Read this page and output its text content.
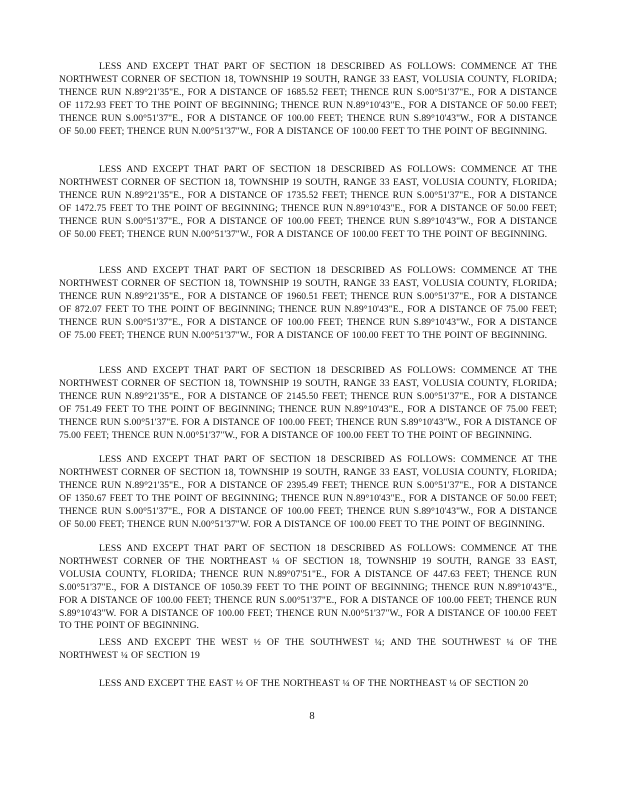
LESS AND EXCEPT THAT PART OF SECTION 18 DESCRIBED AS FOLLOWS: COMMENCE AT THE NORTHWEST CORNER OF SECTION 18, TOWNSHIP 19 SOUTH, RANGE 33 EAST, VOLUSIA COUNTY, FLORIDA; THENCE RUN N.89°21'35"E., FOR A DISTANCE OF 1685.52 FEET; THENCE RUN S.00°51'37"E., FOR A DISTANCE OF 1172.93 FEET TO THE POINT OF BEGINNING; THENCE RUN N.89°10'43"E., FOR A DISTANCE OF 50.00 FEET; THENCE RUN S.00°51'37"E., FOR A DISTANCE OF 100.00 FEET; THENCE RUN S.89°10'43"W., FOR A DISTANCE OF 50.00 FEET; THENCE RUN N.00°51'37"W., FOR A DISTANCE OF 100.00 FEET TO THE POINT OF BEGINNING.

LESS AND EXCEPT THAT PART OF SECTION 18 DESCRIBED AS FOLLOWS: COMMENCE AT THE NORTHWEST CORNER OF SECTION 18, TOWNSHIP 19 SOUTH, RANGE 33 EAST, VOLUSIA COUNTY, FLORIDA; THENCE RUN N.89°21'35"E., FOR A DISTANCE OF 1735.52 FEET; THENCE RUN S.00°51'37"E., FOR A DISTANCE OF 1472.75 FEET TO THE POINT OF BEGINNING; THENCE RUN N.89°10'43"E., FOR A DISTANCE OF 50.00 FEET; THENCE RUN S.00°51'37"E., FOR A DISTANCE OF 100.00 FEET; THENCE RUN S.89°10'43"W., FOR A DISTANCE OF 50.00 FEET; THENCE RUN N.00°51'37"W., FOR A DISTANCE OF 100.00 FEET TO THE POINT OF BEGINNING.

LESS AND EXCEPT THAT PART OF SECTION 18 DESCRIBED AS FOLLOWS: COMMENCE AT THE NORTHWEST CORNER OF SECTION 18, TOWNSHIP 19 SOUTH, RANGE 33 EAST, VOLUSIA COUNTY, FLORIDA; THENCE RUN N.89°21'35"E., FOR A DISTANCE OF 1960.51 FEET; THENCE RUN S.00°51'37"E., FOR A DISTANCE OF 872.07 FEET TO THE POINT OF BEGINNING; THENCE RUN N.89°10'43"E., FOR A DISTANCE OF 75.00 FEET; THENCE RUN S.00°51'37"E., FOR A DISTANCE OF 100.00 FEET; THENCE RUN S.89°10'43"W., FOR A DISTANCE OF 75.00 FEET; THENCE RUN N.00°51'37"W., FOR A DISTANCE OF 100.00 FEET TO THE POINT OF BEGINNING.

LESS AND EXCEPT THAT PART OF SECTION 18 DESCRIBED AS FOLLOWS: COMMENCE AT THE NORTHWEST CORNER OF SECTION 18, TOWNSHIP 19 SOUTH, RANGE 33 EAST, VOLUSIA COUNTY, FLORIDA; THENCE RUN N.89°21'35"E., FOR A DISTANCE OF 2145.50 FEET; THENCE RUN S.00°51'37"E., FOR A DISTANCE OF 751.49 FEET TO THE POINT OF BEGINNING; THENCE RUN N.89°10'43"E., FOR A DISTANCE OF 75.00 FEET; THENCE RUN S.00°51'37"E. FOR A DISTANCE OF 100.00 FEET; THENCE RUN S.89°10'43"W., FOR A DISTANCE OF 75.00 FEET; THENCE RUN N.00°51'37"W., FOR A DISTANCE OF 100.00 FEET TO THE POINT OF BEGINNING.

LESS AND EXCEPT THAT PART OF SECTION 18 DESCRIBED AS FOLLOWS: COMMENCE AT THE NORTHWEST CORNER OF SECTION 18, TOWNSHIP 19 SOUTH, RANGE 33 EAST, VOLUSIA COUNTY, FLORIDA; THENCE RUN N.89°21'35"E., FOR A DISTANCE OF 2395.49 FEET; THENCE RUN S.00°51'37"E., FOR A DISTANCE OF 1350.67 FEET TO THE POINT OF BEGINNING; THENCE RUN N.89°10'43"E., FOR A DISTANCE OF 50.00 FEET; THENCE RUN S.00°51'37"E., FOR A DISTANCE OF 100.00 FEET; THENCE RUN S.89°10'43"W., FOR A DISTANCE OF 50.00 FEET; THENCE RUN N.00°51'37"W. FOR A DISTANCE OF 100.00 FEET TO THE POINT OF BEGINNING.

LESS AND EXCEPT THAT PART OF SECTION 18 DESCRIBED AS FOLLOWS: COMMENCE AT THE NORTHWEST CORNER OF THE NORTHEAST ¼ OF SECTION 18, TOWNSHIP 19 SOUTH, RANGE 33 EAST, VOLUSIA COUNTY, FLORIDA; THENCE RUN N.89°07'51"E., FOR A DISTANCE OF 447.63 FEET; THENCE RUN S.00°51'37"E., FOR A DISTANCE OF 1050.39 FEET TO THE POINT OF BEGINNING; THENCE RUN N.89°10'43"E., FOR A DISTANCE OF 100.00 FEET; THENCE RUN S.00°51'37"E., FOR A DISTANCE OF 100.00 FEET; THENCE RUN S.89°10'43"W. FOR A DISTANCE OF 100.00 FEET; THENCE RUN N.00°51'37"W., FOR A DISTANCE OF 100.00 FEET TO THE POINT OF BEGINNING.

LESS AND EXCEPT THE WEST ½ OF THE SOUTHWEST ¼; AND THE SOUTHWEST ¼ OF THE NORTHWEST ¼ OF SECTION 19

LESS AND EXCEPT THE EAST ½ OF THE NORTHEAST ¼ OF THE NORTHEAST ¼ OF SECTION 20

8
